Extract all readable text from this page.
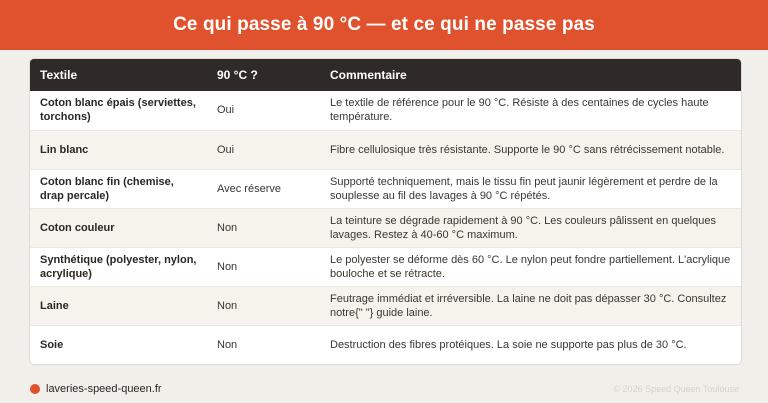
Ce qui passe à 90 °C — et ce qui ne passe pas
Textile	90 °C ?	Commentaire
Coton blanc épais (serviettes, torchons)	Oui	Le textile de référence pour le 90 °C. Résiste à des centaines de cycles haute température.
Lin blanc	Oui	Fibre cellulosique très résistante. Supporte le 90 °C sans rétrécissement notable.
Coton blanc fin (chemise, drap percale)	Avec réserve	Supporté techniquement, mais le tissu fin peut jaunir légèrement et perdre de la souplesse au fil des lavages à 90 °C répétés.
Coton couleur	Non	La teinture se dégrade rapidement à 90 °C. Les couleurs pâlissent en quelques lavages. Restez à 40-60 °C maximum.
Synthétique (polyester, nylon, acrylique)	Non	Le polyester se déforme dès 60 °C. Le nylon peut fondre partiellement. L'acrylique bouloche et se rétracte.
Laine	Non	Feutrage immédiat et irréversible. La laine ne doit pas dépasser 30 °C. Consultez notre{" "} guide laine.
Soie	Non	Destruction des fibres protéiques. La soie ne supporte pas plus de 30 °C.
laveries-speed-queen.fr	© 2026 Speed Queen Toulouse
